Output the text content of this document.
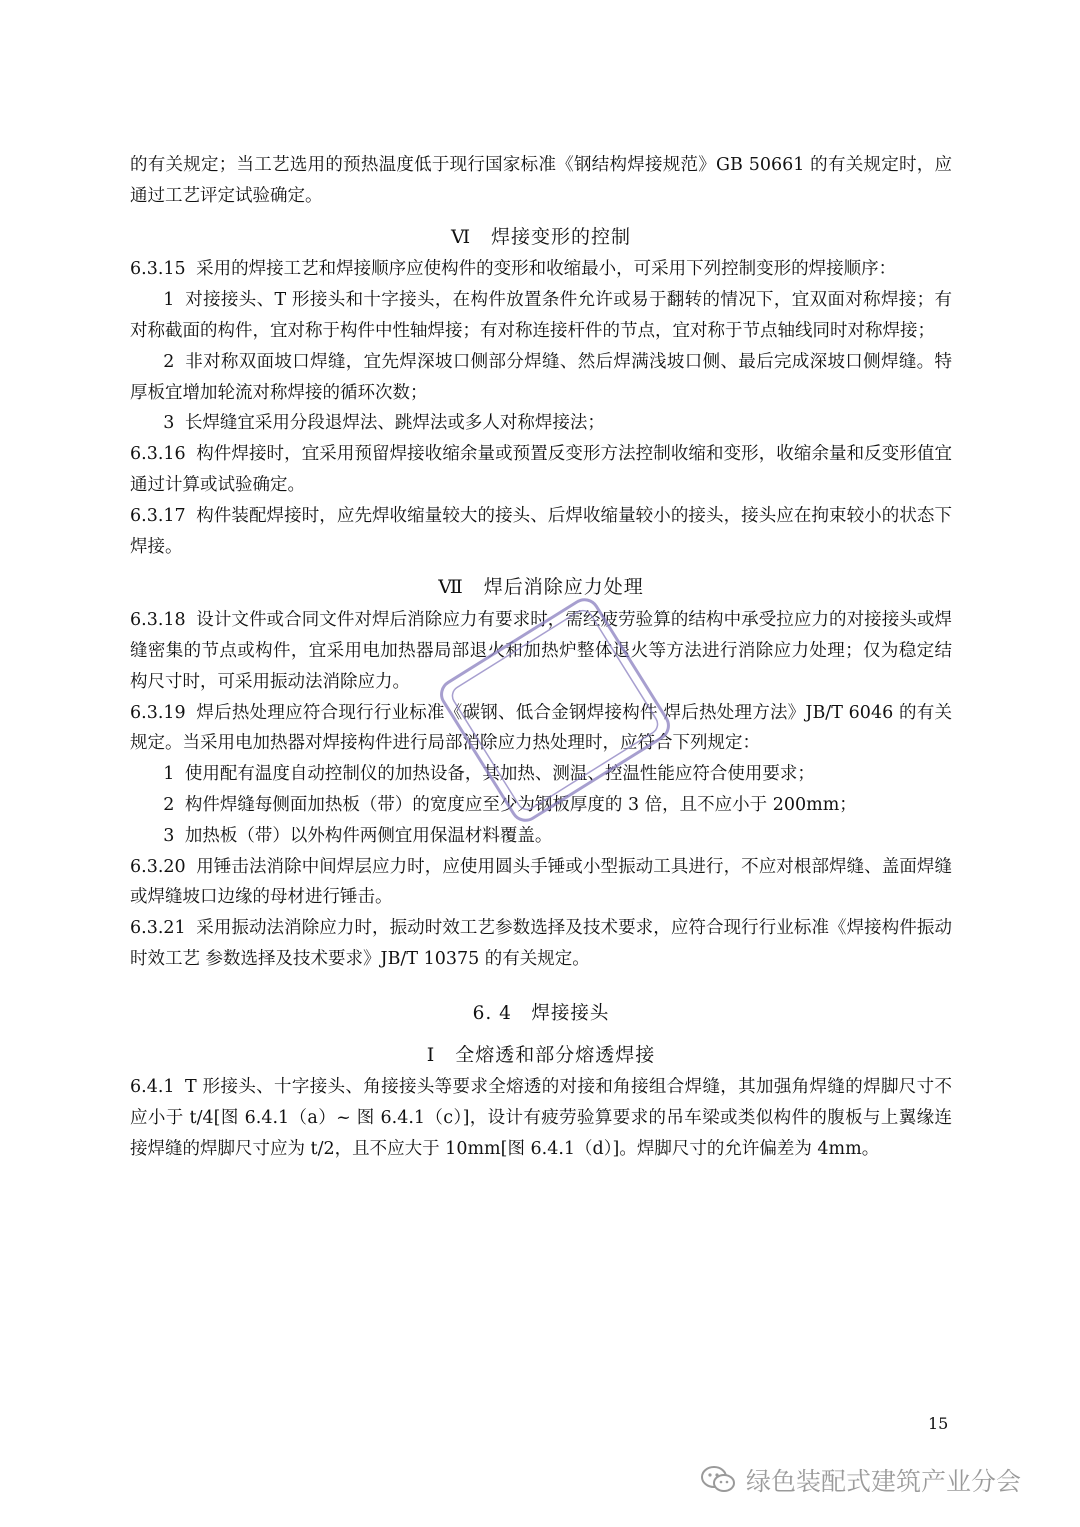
的有关规定；当工艺选用的预热温度低于现行国家标准《钢结构焊接规范》GB 50661 的有关规定时，应通过工艺评定试验确定。

Ⅵ　焊接变形的控制

6.3.15 采用的焊接工艺和焊接顺序应使构件的变形和收缩最小，可采用下列控制变形的焊接顺序：

1 对接接头、T 形接头和十字接头，在构件放置条件允许或易于翻转的情况下，宜双面对称焊接；有对称截面的构件，宜对称于构件中性轴焊接；有对称连接杆件的节点，宜对称于节点轴线同时对称焊接；

2 非对称双面坡口焊缝，宜先焊深坡口侧部分焊缝、然后焊满浅坡口侧、最后完成深坡口侧焊缝。特厚板宜增加轮流对称焊接的循环次数；

3 长焊缝宜采用分段退焊法、跳焊法或多人对称焊接法；

6.3.16 构件焊接时，宜采用预留焊接收缩余量或预置反变形方法控制收缩和变形，收缩余量和反变形值宜通过计算或试验确定。

6.3.17 构件装配焊接时，应先焊收缩量较大的接头、后焊收缩量较小的接头，接头应在拘束较小的状态下焊接。

Ⅶ　焊后消除应力处理

6.3.18 设计文件或合同文件对焊后消除应力有要求时，需经疲劳验算的结构中承受拉应力的对接接头或焊缝密集的节点或构件，宜采用电加热器局部退火和加热炉整体退火等方法进行消除应力处理；仅为稳定结构尺寸时，可采用振动法消除应力。

6.3.19 焊后热处理应符合现行行业标准《碳钢、低合金钢焊接构件 焊后热处理方法》JB/T 6046 的有关规定。当采用电加热器对焊接构件进行局部消除应力热处理时，应符合下列规定：

1 使用配有温度自动控制仪的加热设备，其加热、测温、控温性能应符合使用要求；

2 构件焊缝每侧面加热板（带）的宽度应至少为钢板厚度的 3 倍，且不应小于 200mm；

3 加热板（带）以外构件两侧宜用保温材料覆盖。

6.3.20 用锤击法消除中间焊层应力时，应使用圆头手锤或小型振动工具进行，不应对根部焊缝、盖面焊缝或焊缝坡口边缘的母材进行锤击。

6.3.21 采用振动法消除应力时，振动时效工艺参数选择及技术要求，应符合现行行业标准《焊接构件振动时效工艺 参数选择及技术要求》JB/T 10375 的有关规定。

6. 4　焊接接头
Ⅰ　全熔透和部分熔透焊接

6.4.1 T 形接头、十字接头、角接接头等要求全熔透的对接和角接组合焊缝，其加强角焊缝的焊脚尺寸不应小于 t/4[图 6.4.1（a）~ 图 6.4.1（c）]，设计有疲劳验算要求的吊车梁或类似构件的腹板与上翼缘连接焊缝的焊脚尺寸应为 t/2，且不应大于 10mm[图 6.4.1（d）]。焊脚尺寸的允许偏差为 4mm。

15
绿色装配式建筑产业分会
